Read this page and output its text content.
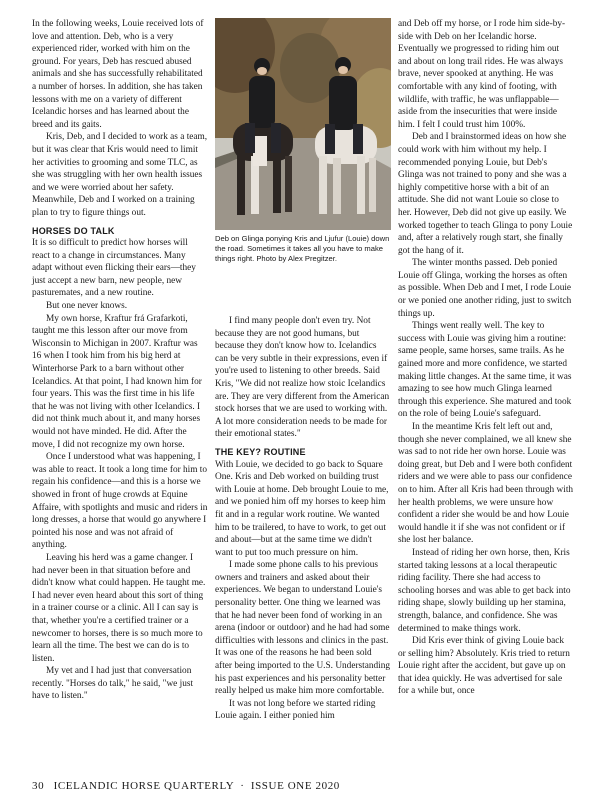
In the following weeks, Louie received lots of love and attention. Deb, who is a very experienced rider, worked with him on the ground. For years, Deb has rescued abused animals and she has successfully rehabilitated a number of horses. In addition, she has taken lessons with me on a variety of different Icelandic horses and has learned about the breed and its gaits.

Kris, Deb, and I decided to work as a team, but it was clear that Kris would need to limit her activities to grooming and some TLC, as she was struggling with her own health issues and we were worried about her safety. Meanwhile, Deb and I worked on a training plan to try to figure things out.

HORSES DO TALK

It is so difficult to predict how horses will react to a change in circumstances. Many adapt without even flicking their ears—they just accept a new barn, new people, new pasturemates, and a new routine.

But one never knows.

My own horse, Kraftur frá Grafarkoti, taught me this lesson after our move from Wisconsin to Michigan in 2007. Kraftur was 16 when I took him from his big herd at Winterhorse Park to a barn without other Icelandics. At that point, I had known him for four years. This was the first time in his life that he was not living with other Icelandics. I did not think much about it, and many horses would not have minded. He did. After the move, I did not recognize my own horse.

Once I understood what was happening, I was able to react. It took a long time for him to regain his confidence—and this is a horse we showed in front of huge crowds at Equine Affaire, with spotlights and music and riders in long dresses, a horse that would go anywhere I pointed his nose and was not afraid of anything.

Leaving his herd was a game changer. I had never been in that situation before and didn't know what could happen. He taught me. I had never even heard about this sort of thing in a trainer course or a clinic. All I can say is that, whether you're a certified trainer or a newcomer to horses, there is so much more to learn all the time. The best we can do is to listen.

My vet and I had just that conversation recently. "Horses do talk," he said, "we just have to listen."

Deb on Glinga ponying Kris and Ljufur (Louie) down the road. Sometimes it takes all you have to make things right. Photo by Alex Pregitzer.

I find many people don't even try. Not because they are not good humans, but because they don't know how to. Icelandics can be very subtle in their expressions, even if you're used to listening to other breeds. Said Kris, "We did not realize how stoic Icelandics are. They are very different from the American stock horses that we are used to working with. A lot more consideration needs to be made for their emotional states."

THE KEY? ROUTINE

With Louie, we decided to go back to Square One. Kris and Deb worked on building trust with Louie at home. Deb brought Louie to me, and we ponied him off my horses to keep him fit and in a regular work routine. We wanted him to be trailered, to have to work, to get out and about—but at the same time we didn't want to put too much pressure on him.

I made some phone calls to his previous owners and trainers and asked about their experiences. We began to understand Louie's personality better. One thing we learned was that he had never been fond of working in an arena (indoor or outdoor) and he had had some difficulties with lessons and clinics in the past. It was one of the reasons he had been sold after being imported to the U.S. Understanding his past experiences and his personality better really helped us make him more comfortable.

It was not long before we started riding Louie again. I either ponied him

and Deb off my horse, or I rode him side-by-side with Deb on her Icelandic horse. Eventually we progressed to riding him out and about on long trail rides. He was always brave, never spooked at anything. He was comfortable with any kind of footing, with wildlife, with traffic, he was unflappable—aside from the insecurities that were inside him. I felt I could trust him 100%.

Deb and I brainstormed ideas on how she could work with him without my help. I recommended ponying Louie, but Deb's Glinga was not trained to pony and she was a highly competitive horse with a bit of an attitude. She did not want Louie so close to her. However, Deb did not give up easily. We worked together to teach Glinga to pony Louie and, after a relatively rough start, she finally got the hang of it.

The winter months passed. Deb ponied Louie off Glinga, working the horses as often as possible. When Deb and I met, I rode Louie or we ponied one another riding, just to switch things up.

Things went really well. The key to success with Louie was giving him a routine: same people, same horses, same trails. As he gained more and more confidence, we started making little changes. At the same time, it was amazing to see how much Glinga learned through this experience. She matured and took on the role of being Louie's safeguard.

In the meantime Kris felt left out and, though she never complained, we all knew she was sad to not ride her own horse. Louie was doing great, but Deb and I were both confident riders and we were able to pass our confidence on to him. After all Kris had been through with her health problems, we were unsure how confident a rider she would be and how Louie would handle it if she was not confident or if she lost her balance.

Instead of riding her own horse, then, Kris started taking lessons at a local therapeutic riding facility. There she had access to schooling horses and was able to get back into riding shape, slowly building up her stamina, strength, balance, and confidence. She was determined to make things work.

Did Kris ever think of giving Louie back or selling him? Absolutely. Kris tried to return Louie right after the accident, but gave up on that idea quickly. He was advertised for sale for a while but, once

30 ICELANDIC HORSE QUARTERLY · ISSUE ONE 2020
